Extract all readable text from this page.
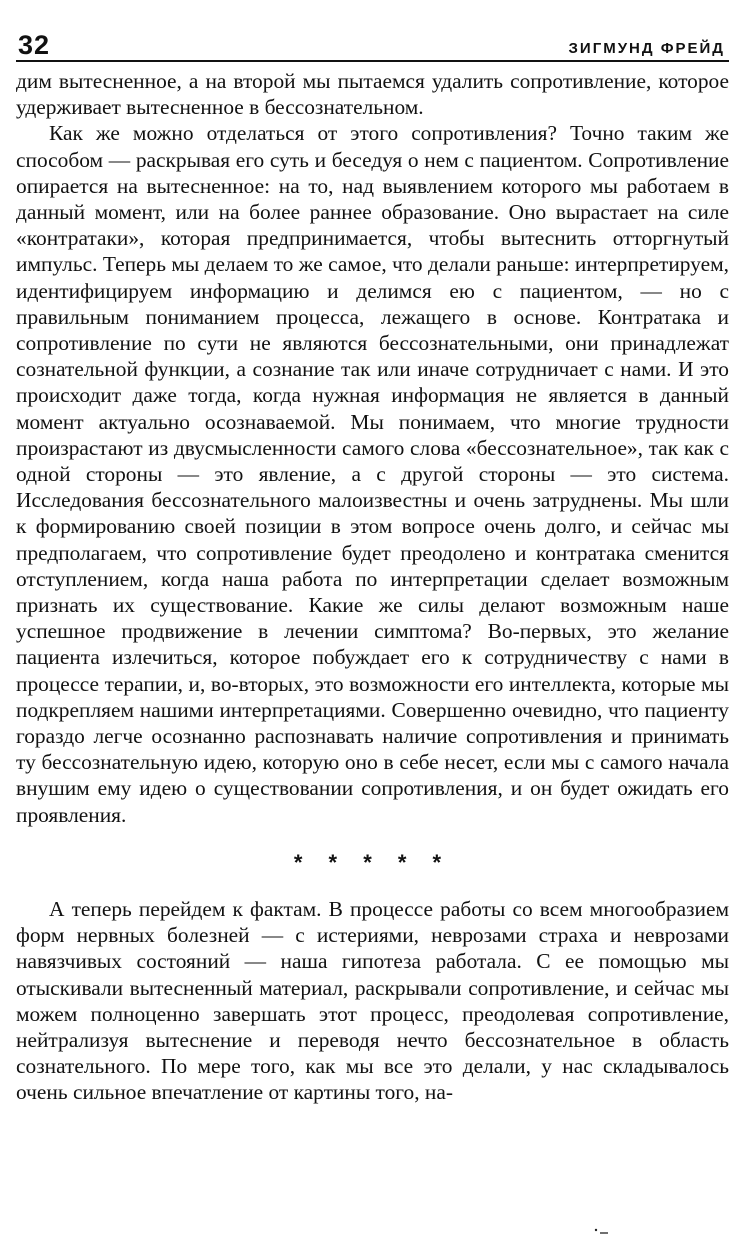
32	ЗИГМУНД ФРЕЙД

дим вытесненное, а на второй мы пытаемся удалить сопротивление, которое удерживает вытесненное в бессознательном.

Как же можно отделаться от этого сопротивления? Точно таким же способом — раскрывая его суть и беседуя о нем с пациентом. Сопротивление опирается на вытесненное: на то, над выявлением которого мы работаем в данный момент, или на более раннее образование. Оно вырастает на силе «контратаки», которая предпринимается, чтобы вытеснить отторгнутый импульс. Теперь мы делаем то же самое, что делали раньше: интерпретируем, идентифицируем информацию и делимся ею с пациентом, — но с правильным пониманием процесса, лежащего в основе. Контратака и сопротивление по сути не являются бессознательными, они принадлежат сознательной функции, а сознание так или иначе сотрудничает с нами. И это происходит даже тогда, когда нужная информация не является в данный момент актуально осознаваемой. Мы понимаем, что многие трудности произрастают из двусмысленности самого слова «бессознательное», так как с одной стороны — это явление, а с другой стороны — это система. Исследования бессознательного малоизвестны и очень затруднены. Мы шли к формированию своей позиции в этом вопросе очень долго, и сейчас мы предполагаем, что сопротивление будет преодолено и контратака сменится отступлением, когда наша работа по интерпретации сделает возможным признать их существование. Какие же силы делают возможным наше успешное продвижение в лечении симптома? Во-первых, это желание пациента излечиться, которое побуждает его к сотрудничеству с нами в процессе терапии, и, во-вторых, это возможности его интеллекта, которые мы подкрепляем нашими интерпретациями. Совершенно очевидно, что пациенту гораздо легче осознанно распознавать наличие сопротивления и принимать ту бессознательную идею, которую оно в себе несет, если мы с самого начала внушим ему идею о существовании сопротивления, и он будет ожидать его проявления.

* * * * *

А теперь перейдем к фактам. В процессе работы со всем многообразием форм нервных болезней — с истериями, неврозами страха и неврозами навязчивых состояний — наша гипотеза работала. С ее помощью мы отыскивали вытесненный материал, раскрывали сопротивление, и сейчас мы можем полноценно завершать этот процесс, преодолевая сопротивление, нейтрализуя вытеснение и переводя нечто бессознательное в область сознательного. По мере того, как мы все это делали, у нас складывалось очень сильное впечатление от картины того, на-
